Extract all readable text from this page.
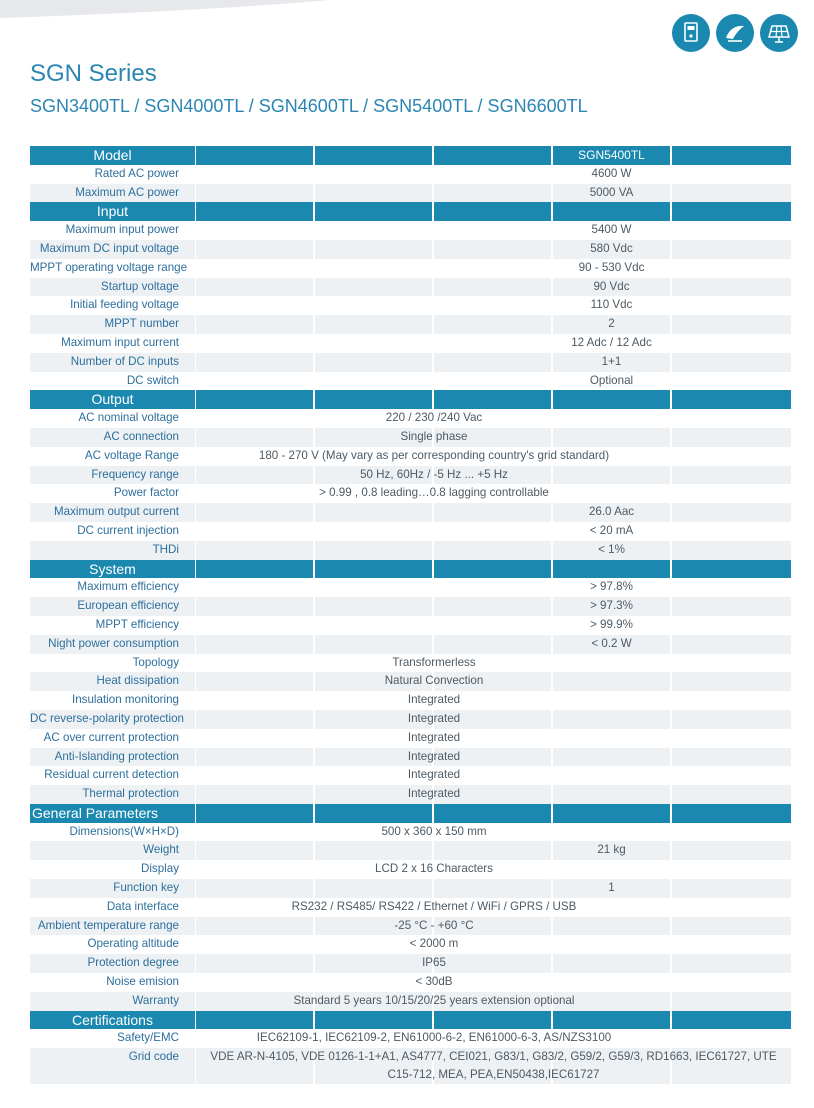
SGN Series
SGN3400TL / SGN4000TL / SGN4600TL / SGN5400TL / SGN6600TL
Model	SGN5400TL
Rated AC power	4600 W
Maximum AC power	5000 VA
Input
Maximum input power	5400 W
Maximum DC input voltage	580 Vdc
MPPT operating voltage range	90 - 530 Vdc
Startup voltage	90 Vdc
Initial feeding voltage	110 Vdc
MPPT number	2
Maximum input current	12 Adc / 12 Adc
Number of DC inputs	1+1
DC switch	Optional
Output
AC nominal voltage	220 / 230 /240 Vac
AC connection	Single phase
AC voltage Range	180 - 270 V (May vary as per corresponding country's grid standard)
Frequency range	50 Hz, 60Hz / -5 Hz ... +5 Hz
Power factor	> 0.99 , 0.8 leading…0.8 lagging controllable
Maximum output current	26.0 Aac
DC current injection	< 20 mA
THDi	< 1%
System
Maximum efficiency	> 97.8%
European efficiency	> 97.3%
MPPT efficiency	> 99.9%
Night power consumption	< 0.2 W
Topology	Transformerless
Heat dissipation	Natural Convection
Insulation monitoring	Integrated
DC reverse-polarity protection	Integrated
AC over current protection	Integrated
Anti-Islanding protection	Integrated
Residual current detection	Integrated
Thermal protection	Integrated
General Parameters
Dimensions(W×H×D)	500 x 360 x 150 mm
Weight	21 kg
Display	LCD 2 x 16 Characters
Function key	1
Data interface	RS232 / RS485/ RS422 / Ethernet / WiFi / GPRS / USB
Ambient temperature range	-25 °C - +60 °C
Operating altitude	< 2000 m
Protection degree	IP65
Noise emision	< 30dB
Warranty	Standard 5 years 10/15/20/25 years extension optional
Certifications
Safety/EMC	IEC62109-1, IEC62109-2, EN61000-6-2, EN61000-6-3, AS/NZS3100
Grid code	VDE AR-N-4105, VDE 0126-1-1+A1, AS4777, CEI021, G83/1, G83/2, G59/2, G59/3, RD1663, IEC61727, UTE C15-712, MEA, PEA,EN50438,IEC61727
